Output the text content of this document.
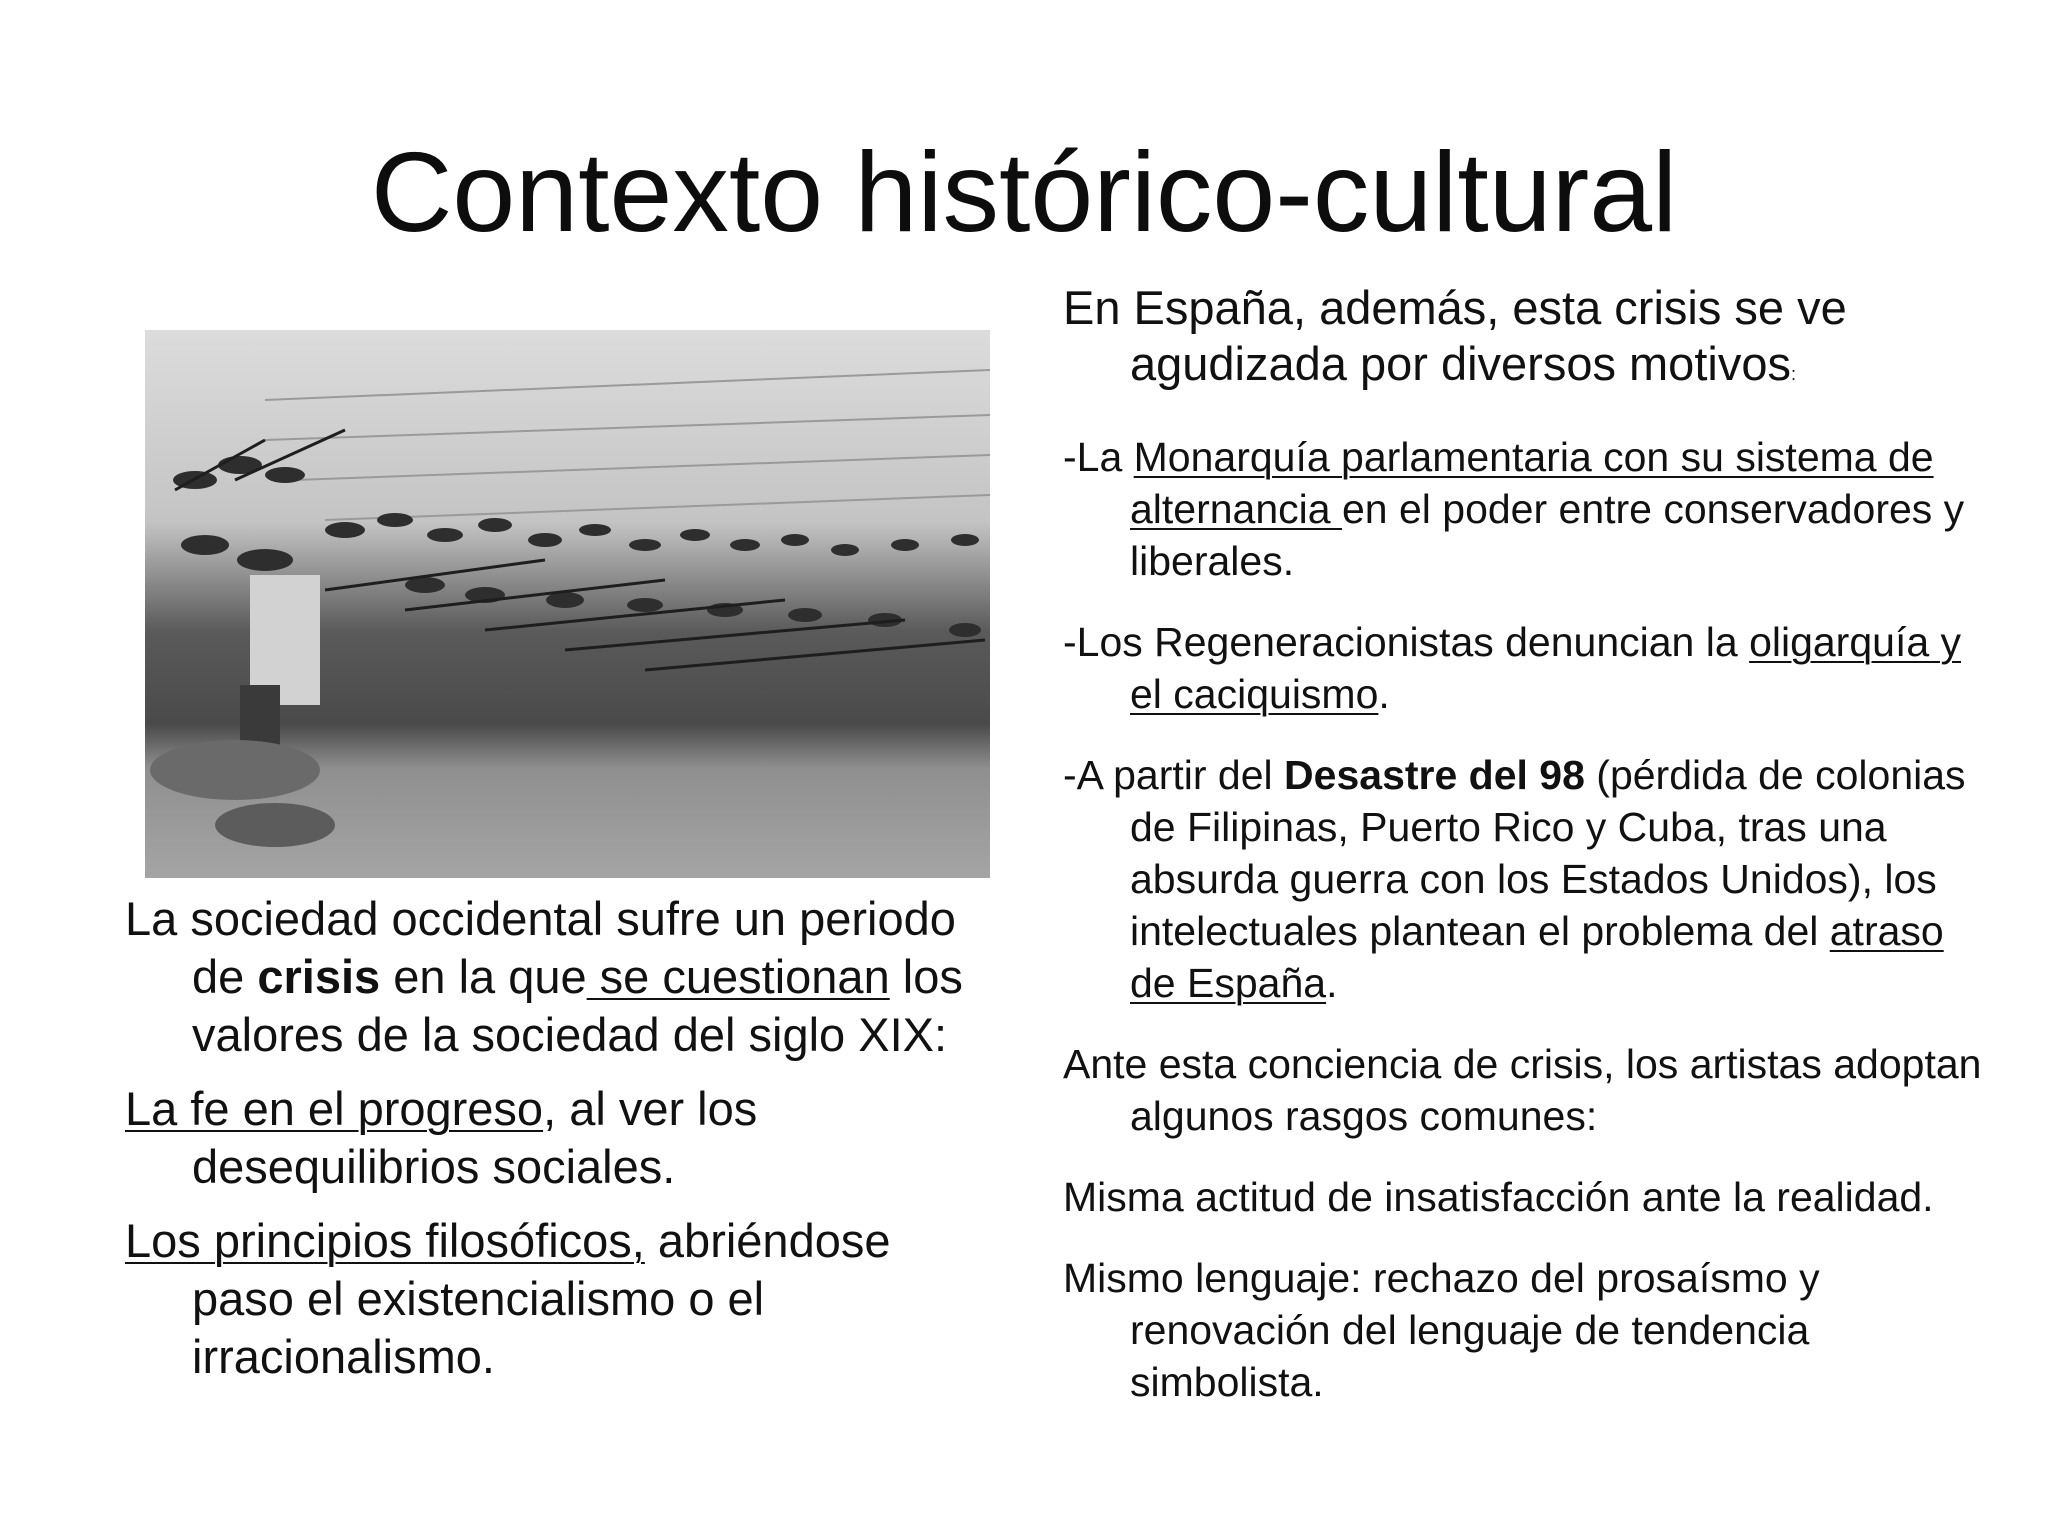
Contexto histórico-cultural

La sociedad occidental sufre un periodo de crisis en la que se cuestionan los valores de la sociedad del siglo XIX:

La fe en el progreso, al ver los desequilibrios sociales.

Los principios filosóficos, abriéndose paso el existencialismo o el irracionalismo.

En España, además, esta crisis se ve agudizada por diversos motivos:

-La Monarquía parlamentaria con su sistema de alternancia en el poder entre conservadores y liberales.

-Los Regeneracionistas denuncian la oligarquía y el caciquismo.

-A partir del Desastre del 98 (pérdida de colonias de Filipinas, Puerto Rico y Cuba, tras una absurda guerra con los Estados Unidos), los intelectuales plantean el problema del atraso de España.

Ante esta conciencia de crisis, los artistas adoptan algunos rasgos comunes:

Misma actitud de insatisfacción ante la realidad.

Mismo lenguaje: rechazo del prosaísmo y renovación del lenguaje de tendencia simbolista.
